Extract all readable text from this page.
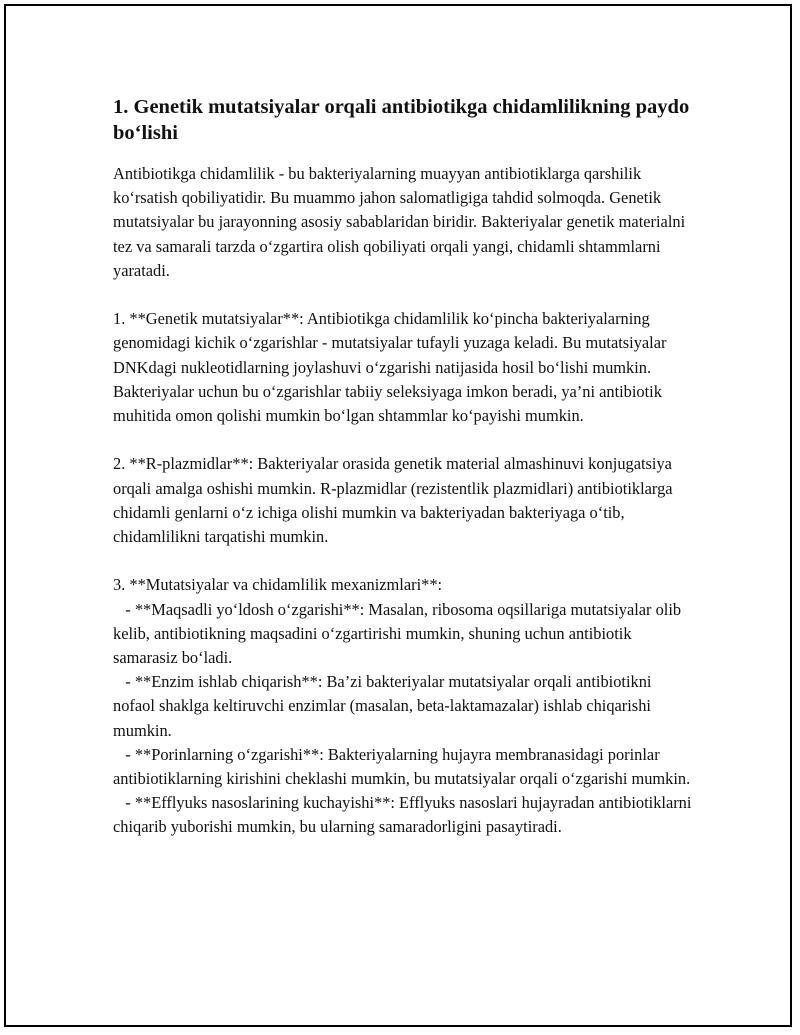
1. Genetik mutatsiyalar orqali antibiotikga chidamlilikning paydo bo‘lishi

Antibiotikga chidamlilik - bu bakteriyalarning muayyan antibiotiklarga qarshilik ko‘rsatish qobiliyatidir. Bu muammo jahon salomatligiga tahdid solmoqda. Genetik mutatsiyalar bu jarayonning asosiy sabablaridan biridir. Bakteriyalar genetik materialni tez va samarali tarzda o‘zgartira olish qobiliyati orqali yangi, chidamli shtammlarni yaratadi.

1. **Genetik mutatsiyalar**: Antibiotikga chidamlilik ko‘pincha bakteriyalarning genomidagi kichik o‘zgarishlar - mutatsiyalar tufayli yuzaga keladi. Bu mutatsiyalar DNKdagi nukleotidlarning joylashuvi o‘zgarishi natijasida hosil bo‘lishi mumkin. Bakteriyalar uchun bu o‘zgarishlar tabiiy seleksiyaga imkon beradi, ya’ni antibiotik muhitida omon qolishi mumkin bo‘lgan shtammlar ko‘payishi mumkin.

2. **R-plazmidlar**: Bakteriyalar orasida genetik material almashinuvi konjugatsiya orqali amalga oshishi mumkin. R-plazmidlar (rezistentlik plazmidlari) antibiotiklarga chidamli genlarni o‘z ichiga olishi mumkin va bakteriyadan bakteriyaga o‘tib, chidamlilikni tarqatishi mumkin.

3. **Mutatsiyalar va chidamlilik mexanizmlari**:

- **Maqsadli yo‘ldosh o‘zgarishi**: Masalan, ribosoma oqsillariga mutatsiyalar olib kelib, antibiotikning maqsadini o‘zgartirishi mumkin, shuning uchun antibiotik samarasiz bo‘ladi.

- **Enzim ishlab chiqarish**: Ba’zi bakteriyalar mutatsiyalar orqali antibiotikni nofaol shaklga keltiruvchi enzimlar (masalan, beta-laktamazalar) ishlab chiqarishi mumkin.

- **Porinlarning o‘zgarishi**: Bakteriyalarning hujayra membranasidagi porinlar antibiotiklarning kirishini cheklashi mumkin, bu mutatsiyalar orqali o‘zgarishi mumkin.

- **Efflyuks nasoslarining kuchayishi**: Efflyuks nasoslari hujayradan antibiotiklarni chiqarib yuborishi mumkin, bu ularning samaradorligini pasaytiradi.
